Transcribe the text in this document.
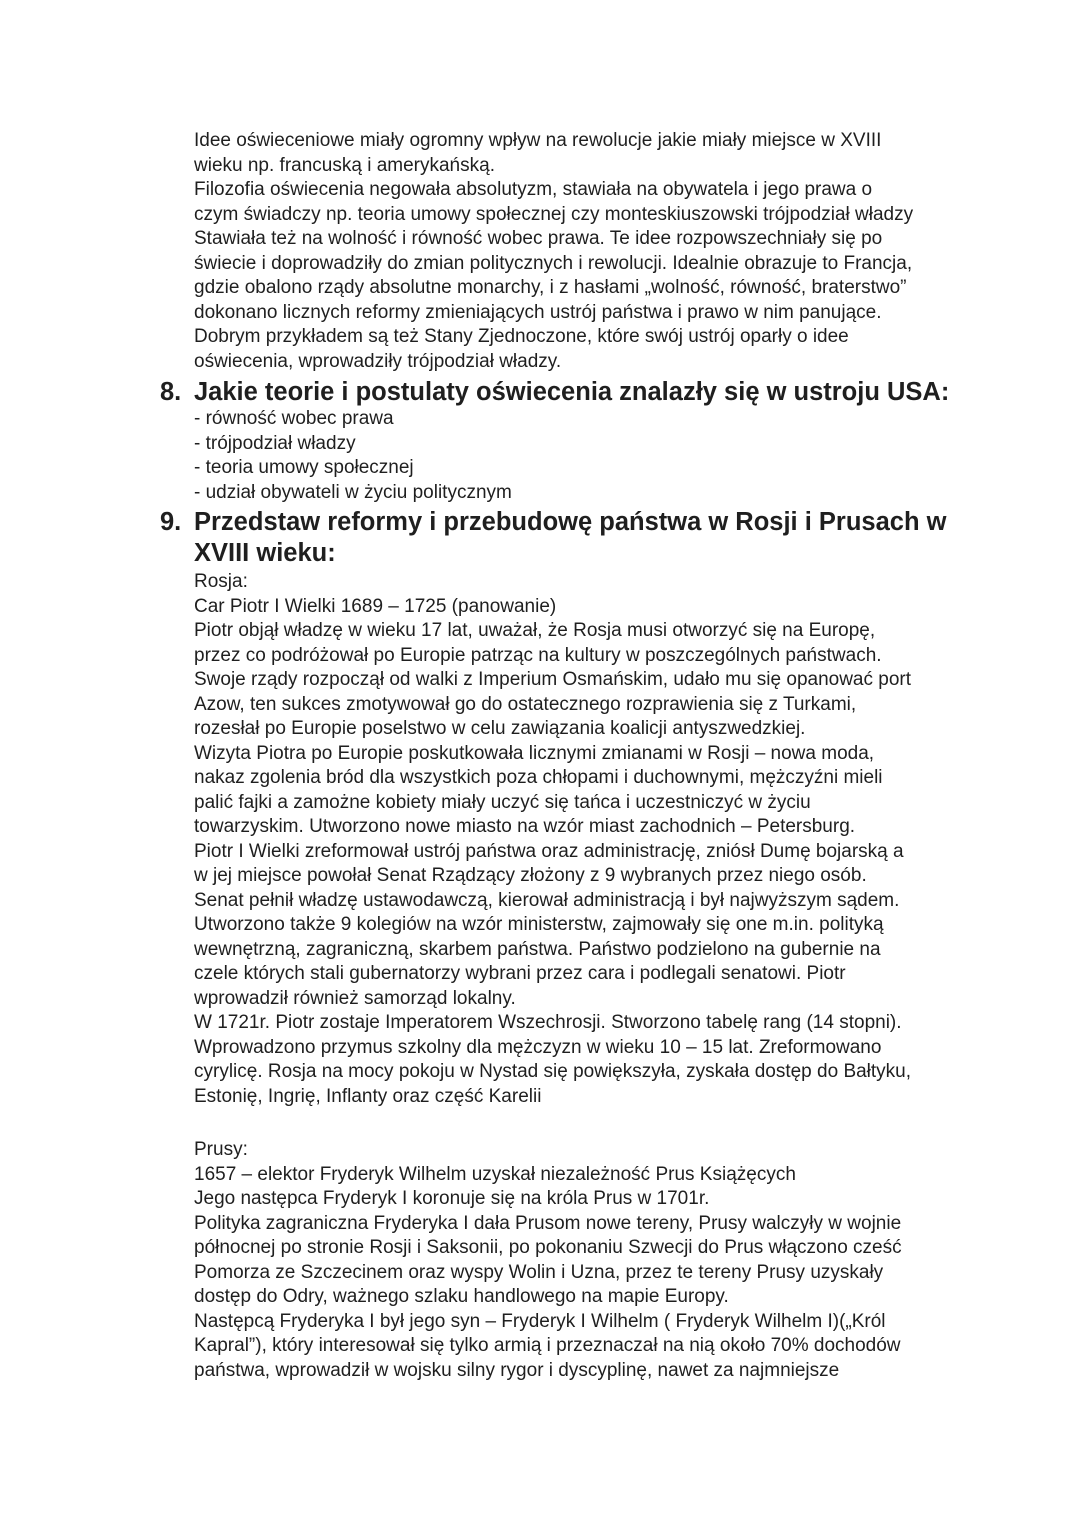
Idee oświeceniowe miały ogromny wpływ na rewolucje jakie miały miejsce w XVIII

wieku np. francuską i amerykańską.

Filozofia oświecenia negowała absolutyzm, stawiała na obywatela i jego prawa o

czym świadczy np. teoria umowy społecznej czy monteskiuszowski trójpodział władzy

Stawiała też na wolność i równość wobec prawa. Te idee rozpowszechniały się po

świecie i doprowadziły do zmian politycznych i rewolucji. Idealnie obrazuje to Francja,

gdzie obalono rządy absolutne monarchy, i z hasłami „wolność, równość, braterstwo”

dokonano licznych reformy zmieniających ustrój państwa i prawo w nim panujące.

Dobrym przykładem są też Stany Zjednoczone, które swój ustrój oparły o idee

oświecenia, wprowadziły trójpodział władzy.

8. Jakie teorie i postulaty oświecenia znalazły się w ustroju USA:

- równość wobec prawa

- trójpodział władzy

- teoria umowy społecznej

- udział obywateli w życiu politycznym

9. Przedstaw reformy i przebudowę państwa w Rosji i Prusach w
XVIII wieku:

Rosja:

Car Piotr I Wielki 1689 – 1725 (panowanie)

Piotr objął władzę w wieku 17 lat, uważał, że Rosja musi otworzyć się na Europę,

przez co podróżował po Europie patrząc na kultury w poszczególnych państwach.

Swoje rządy rozpoczął od walki z Imperium Osmańskim, udało mu się opanować port

Azow, ten sukces zmotywował go do ostatecznego rozprawienia się z Turkami,

rozesłał po Europie poselstwo w celu zawiązania koalicji antyszwedzkiej.

Wizyta Piotra po Europie poskutkowała licznymi zmianami w Rosji – nowa moda,

nakaz zgolenia bród dla wszystkich poza chłopami i duchownymi, mężczyźni mieli

palić fajki a zamożne kobiety miały uczyć się tańca i uczestniczyć w życiu

towarzyskim. Utworzono nowe miasto na wzór miast zachodnich – Petersburg.

Piotr I Wielki zreformował ustrój państwa oraz administrację, zniósł Dumę bojarską a

w jej miejsce powołał Senat Rządzący złożony z 9 wybranych przez niego osób.

Senat pełnił władzę ustawodawczą, kierował administracją i był najwyższym sądem.

Utworzono także 9 kolegiów na wzór ministerstw, zajmowały się one m.in. polityką

wewnętrzną, zagraniczną, skarbem państwa. Państwo podzielono na gubernie na

czele których stali gubernatorzy wybrani przez cara i podlegali senatowi. Piotr

wprowadził również samorząd lokalny.

W 1721r. Piotr zostaje Imperatorem Wszechrosji. Stworzono tabelę rang (14 stopni).

Wprowadzono przymus szkolny dla mężczyzn w wieku 10 – 15 lat. Zreformowano

cyrylicę. Rosja na mocy pokoju w Nystad się powiększyła, zyskała dostęp do Bałtyku,

Estonię, Ingrię, Inflanty oraz część Karelii

Prusy:

1657 – elektor Fryderyk Wilhelm uzyskał niezależność Prus Książęcych

Jego następca Fryderyk I koronuje się na króla Prus w 1701r.

Polityka zagraniczna Fryderyka I dała Prusom nowe tereny, Prusy walczyły w wojnie

północnej po stronie Rosji i Saksonii, po pokonaniu Szwecji do Prus włączono cześć

Pomorza ze Szczecinem oraz wyspy Wolin i Uzna, przez te tereny Prusy uzyskały

dostęp do Odry, ważnego szlaku handlowego na mapie Europy.

Następcą Fryderyka I był jego syn – Fryderyk I Wilhelm ( Fryderyk Wilhelm I)(„Król

Kapral”), który interesował się tylko armią i przeznaczał na nią około 70% dochodów

państwa, wprowadził w wojsku silny rygor i dyscyplinę, nawet za najmniejsze
